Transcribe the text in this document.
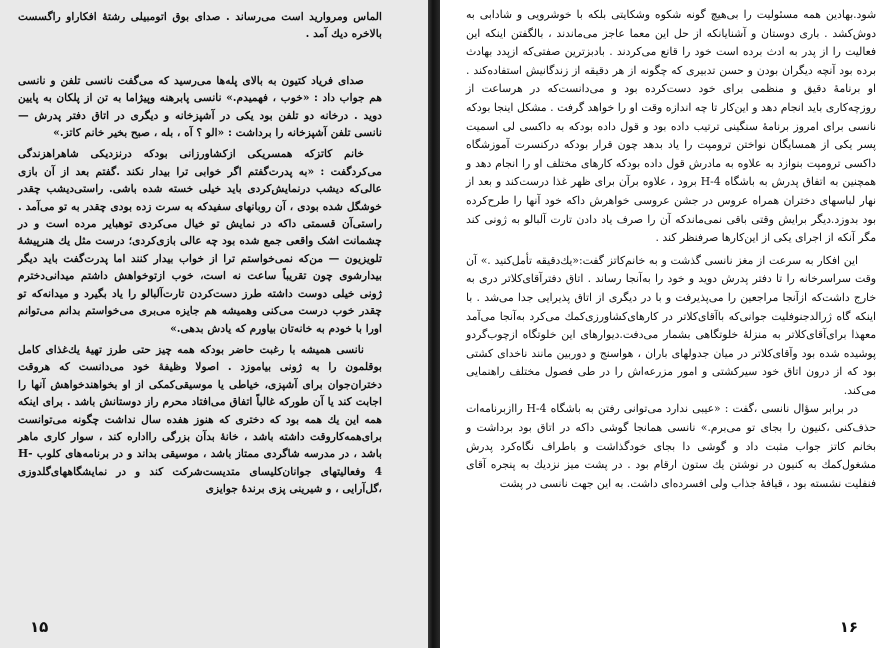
الماس ومرواريد است می‌رساند . صدای بوق اتومبیلی رشتهٔ افکاراو راگسست بالاخره دیك آمد .

صدای فریاد کتیون به بالای پله‌ها می‌رسید که می‌گفت نانسی تلفن و نانسی هم جواب داد : «خوب ، فهمیدم.» نانسی پابرهنه وپیژاما به تن از پلکان به پایین دوید . درخانه دو تلفن بود یکی در آشپزخانه و دیگری در اتاق دفتر پدرش — نانسی تلفن آشپزخانه را برداشت : «الو ؟ آه ، بله ، صبح بخیر خانم کاتز.»

خانم کاتزکه همسریکی ازکشاورزانی بودکه درنزدیکی شاهراهزندگی می‌کردگفت : «به پدرت‌گفتم اگر خوابی ترا بیدار نکند .گفتم بعد از آن بازی عالی‌که دیشب درنمایش‌کردی باید خیلی خسته شده باشی. راستی‌دیشب چقدر خوشگل شده بودی ، آن روبانهای سفیدکه به سرت زده بودی چقدر به تو می‌آمد . راستی‌آن قسمتی داکه در نمایش تو خیال می‌کردی توهبایر مرده است و در چشمانت اشک واقعی جمع شده بود چه عالی بازی‌کردی؛ درست مثل یك هنرپیشهٔ تلویزیون — من‌که نمی‌خواستم ترا از خواب بیدار کنند اما پدرت‌گفت باید دیگر بیدارشوی چون تقریباً ساعت نه است، خوب ازتوخواهش داشتم میدانی‌دخترم ژونی خیلی دوست داشته طرز دست‌کردن تارت‌آلبالو را یاد بگیرد و میدانه‌که تو چقدر خوب درست می‌کنی وهمیشه هم جایزه می‌بری می‌خواستم بدانم می‌توانم اورا با خودم به خانه‌تان بیاورم که یادش بدهی.»

نانسی همیشه با رغبت حاضر بودکه همه چیز حتی طرز تهیهٔ یك‌غذای کامل بوقلمون را به ژونی بیاموزد . اصولا وظیفهٔ خود می‌دانست که هروقت دختران‌جوان برای آشپزی، خیاطی یا موسیقی‌کمکی از او بخواهندخواهش آنها را اجابت کند یا آن طورکه غالباً اتفاق می‌افتاد محرم راز دوستانش باشد . برای اینکه همه این یك همه بود که دختری که هنوز هفده سال نداشت چگونه می‌توانست برای‌همه‌کاروقت داشته باشد ، خانهٔ بدآن بزرگی رااداره کند ، سوار کاری ماهر باشد ، در مدرسه شاگردی ممتاز باشد ، موسیقی بداند و در برنامه‌های کلوب H-4 وفعالیتهای جوانان‌کلیسای متدیست‌شرکت کند و در نمایشگاههای‌گلدوزی ،‌گل‌آرایی ، و شیرینی پزی برندهٔ جوایزی

۱۵

شود.بهادین همه مسئولیت را بی‌هیچ گونه شکوه وشکایتی بلکه با خوشرویی و شادابی به دوش‌کشد . باری دوستان و آشنایانکه از حل این معما عاجز می‌ماندند ، بالگفتن اینکه این فعالیت را از پدر به ادث برده است خود را قانع می‌کردند . بادبزترین صفتی‌که ازپدد بهادث برده بود آنچه دیگران بودن و حسن تدبیری که چگونه از هر دقیقه از زندگانیش استفاده‌کند . او برنامهٔ دقیق و منظمی برای خود دست‌کرده بود و می‌دانست‌که در هرساعت از روزچه‌کاری باید انجام دهد و این‌کار تا چه اندازه وقت او را خواهد گرفت . مشکل اینجا بودکه نانسی برای امروز برنامهٔ سنگینی ترتیب داده بود و قول داده بودکه به داکسی لی اسمیت پسر یکی از همسایگان نواختن ترومپت را یاد بدهد چون قرار بودکه درکنسرت آموزشگاه داکسی ترومپت بنوازد به علاوه به مادرش قول داده بودکه کارهای مختلف او را انجام دهد و همچنین به اتفاق پدرش به باشگاه H-4 برود ، علاوه برآن برای ظهر غذا درست‌کند و بعد از نهار لباسهای دختران همراه عروس در جشن عروسی خواهرش داکه خود آنها را طرح‌کرده بود بدوزد.دیگر برایش وقتی باقی نمی‌ماندکه آن را صرف یاد دادن تارت آلبالو به ژونی کند مگر آنکه از اجرای یکی از این‌کارها صرفنظر کند .

این افکار به سرعت از مغز نانسی گذشت و به خانم‌کاتز گفت:«یك‌دقیقه تأمل‌کنید .» آن وقت سراسرخانه را تا دفتر پدرش دوید و خود را به‌آنجا رساند . اتاق دفترآقای‌کلاتر دری به خارج داشت‌که ازآنجا مراجعین را می‌پذیرفت و با در دیگری از اتاق پذیرایی جدا می‌شد . با اینکه گاه ژرالدجنوفلیت جوانی‌که باآقای‌کلاتر در کارهای‌کشاورزی‌کمك می‌کرد به‌آنجا می‌آمد معهذا برای‌آقای‌کلاتر به منزلهٔ خلوتگاهی بشمار می‌دفت.دیوارهای این خلوتگاه ازچوب‌گردو پوشیده شده بود وآقای‌کلاتر در میان جدولهای باران ، هواسنج و دوربین مانند ناخدای کشتی بود که از درون اتاق خود سیرکشتی و امور مزرعه‌اش را در طی فصول مختلف راهنمایی می‌کند.

در برابر سؤال نانسی ،‌گفت : «عیبی ندارد می‌توانی رفتن به باشگاه H-4 راازبرنامه‌ات حذف‌کنی ،کنیون را بجای تو می‌برم.» نانسی همانجا گوشی داکه در اتاق بود برداشت و بخانم کاتز جواب مثبت داد و گوشی دا بجای خودگذاشت و باطراف نگاه‌کرد پدرش مشغول‌کمك به کنیون در نوشتن یك ستون ارقام بود . در پشت میز نزدیك به پنجره آقای فنفلیت نشسته بود ، قیافهٔ جذاب ولی افسرده‌ای داشت. به این جهت نانسی در پشت

۱۶
